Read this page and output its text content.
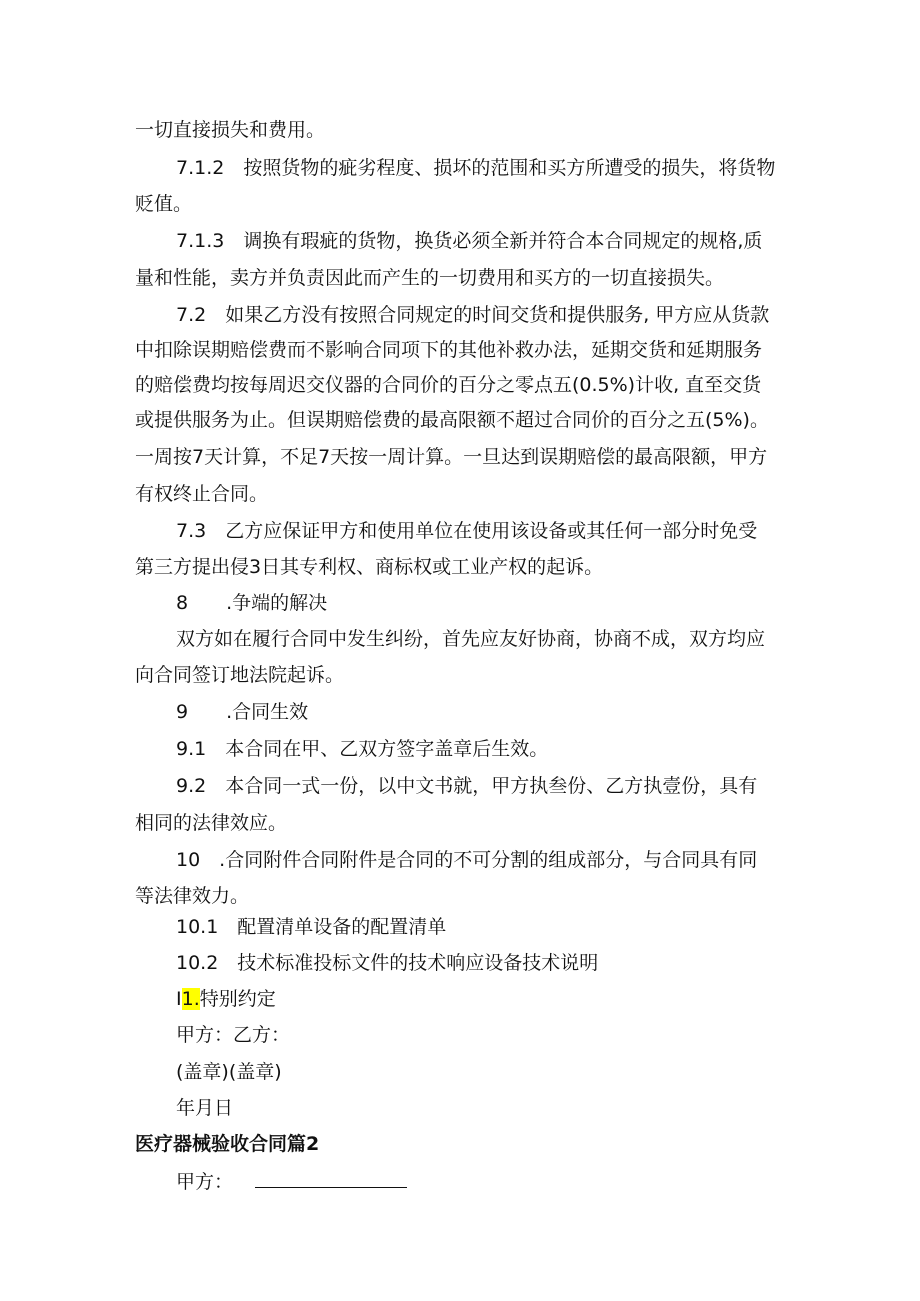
一切直接损失和费用。
7.1.2　按照货物的疵劣程度、损坏的范围和买方所遭受的损失，将货物
贬值。
7.1.3　调换有瑕疵的货物，换货必须全新并符合本合同规定的规格,质
量和性能，卖方并负责因此而产生的一切费用和买方的一切直接损失。
7.2　如果乙方没有按照合同规定的时间交货和提供服务, 甲方应从货款
中扣除误期赔偿费而不影响合同项下的其他补救办法，延期交货和延期服务
的赔偿费均按每周迟交仪器的合同价的百分之零点五(0.5%)计收, 直至交货
或提供服务为止。但误期赔偿费的最高限额不超过合同价的百分之五(5%)。
一周按7天计算，不足7天按一周计算。一旦达到误期赔偿的最高限额，甲方
有权终止合同。
7.3　乙方应保证甲方和使用单位在使用该设备或其任何一部分时免受
第三方提出侵3日其专利权、商标权或工业产权的起诉。
8　　.争端的解决
双方如在履行合同中发生纠纷，首先应友好协商，协商不成，双方均应
向合同签订地法院起诉。
9　　.合同生效
9.1　本合同在甲、乙双方签字盖章后生效。
9.2　本合同一式一份，以中文书就，甲方执叁份、乙方执壹份，具有
相同的法律效应。
10　.合同附件合同附件是合同的不可分割的组成部分，与合同具有同
等法律效力。
10.1　配置清单设备的配置清单
10.2　技术标准投标文件的技术响应设备技术说明
I1.特别约定
甲方：乙方：
(盖章)(盖章)
年月日
医疗器械验收合同篇2
甲方：
